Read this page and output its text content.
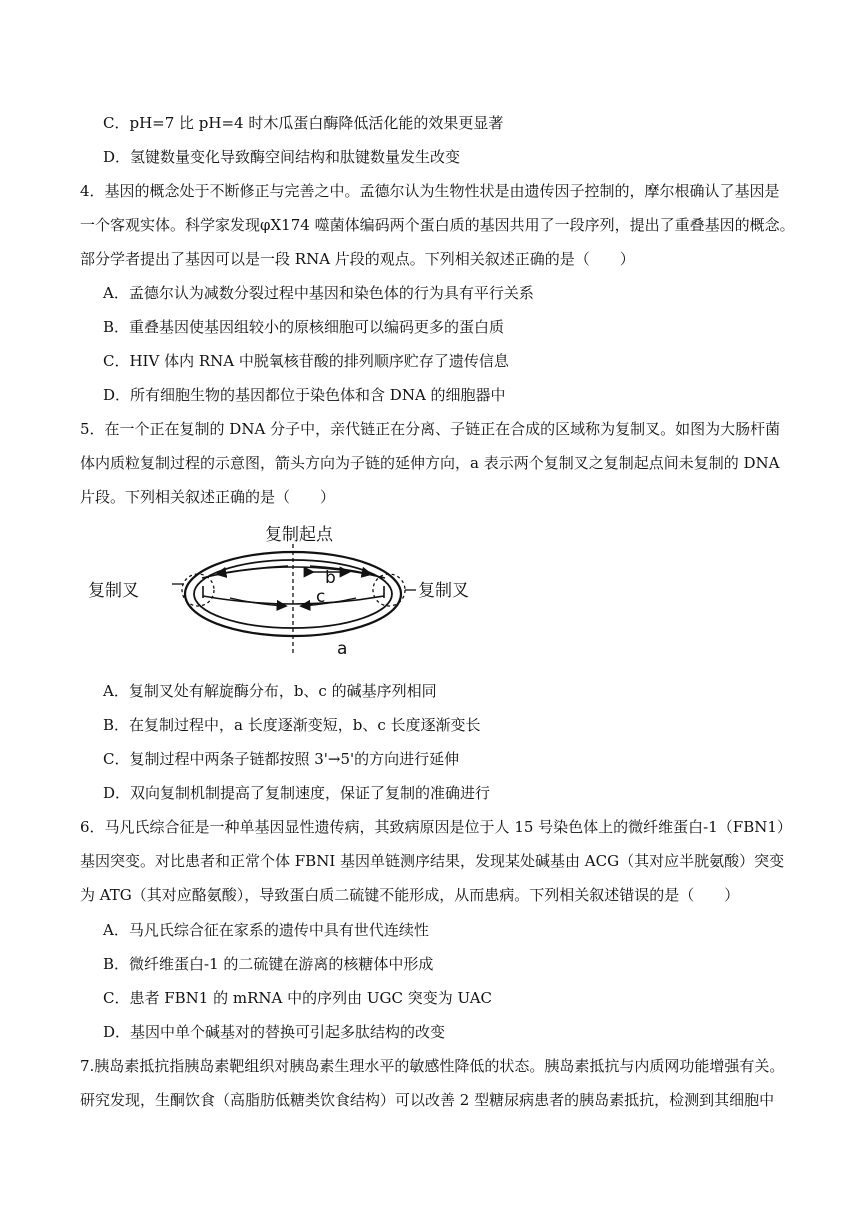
C．pH=7 比 pH=4 时木瓜蛋白酶降低活化能的效果更显著
D．氢键数量变化导致酶空间结构和肽键数量发生改变
4．基因的概念处于不断修正与完善之中。孟德尔认为生物性状是由遗传因子控制的，摩尔根确认了基因是
一个客观实体。科学家发现φX174 噬菌体编码两个蛋白质的基因共用了一段序列，提出了重叠基因的概念。
部分学者提出了基因可以是一段 RNA 片段的观点。下列相关叙述正确的是（　　）
A．孟德尔认为减数分裂过程中基因和染色体的行为具有平行关系
B．重叠基因使基因组较小的原核细胞可以编码更多的蛋白质
C．HIV 体内 RNA 中脱氧核苷酸的排列顺序贮存了遗传信息
D．所有细胞生物的基因都位于染色体和含 DNA 的细胞器中
5．在一个正在复制的 DNA 分子中，亲代链正在分离、子链正在合成的区域称为复制叉。如图为大肠杆菌
体内质粒复制过程的示意图，箭头方向为子链的延伸方向，a 表示两个复制叉之复制起点间未复制的 DNA
片段。下列相关叙述正确的是（　　）
复制起点
复制叉	复制叉
b
c
a
A．复制叉处有解旋酶分布，b、c 的碱基序列相同
B．在复制过程中，a 长度逐渐变短，b、c 长度逐渐变长
C．复制过程中两条子链都按照 3'→5'的方向进行延伸
D．双向复制机制提高了复制速度，保证了复制的准确进行
6．马凡氏综合征是一种单基因显性遗传病，其致病原因是位于人 15 号染色体上的微纤维蛋白-1（FBN1）
基因突变。对比患者和正常个体 FBNI 基因单链测序结果，发现某处碱基由 ACG（其对应半胱氨酸）突变
为 ATG（其对应酪氨酸），导致蛋白质二硫键不能形成，从而患病。下列相关叙述错误的是（　　）
A．马凡氏综合征在家系的遗传中具有世代连续性
B．微纤维蛋白-1 的二硫键在游离的核糖体中形成
C．患者 FBN1 的 mRNA 中的序列由 UGC 突变为 UAC
D．基因中单个碱基对的替换可引起多肽结构的改变
7.胰岛素抵抗指胰岛素靶组织对胰岛素生理水平的敏感性降低的状态。胰岛素抵抗与内质网功能增强有关。
研究发现，生酮饮食（高脂肪低糖类饮食结构）可以改善 2 型糖尿病患者的胰岛素抵抗，检测到其细胞中
